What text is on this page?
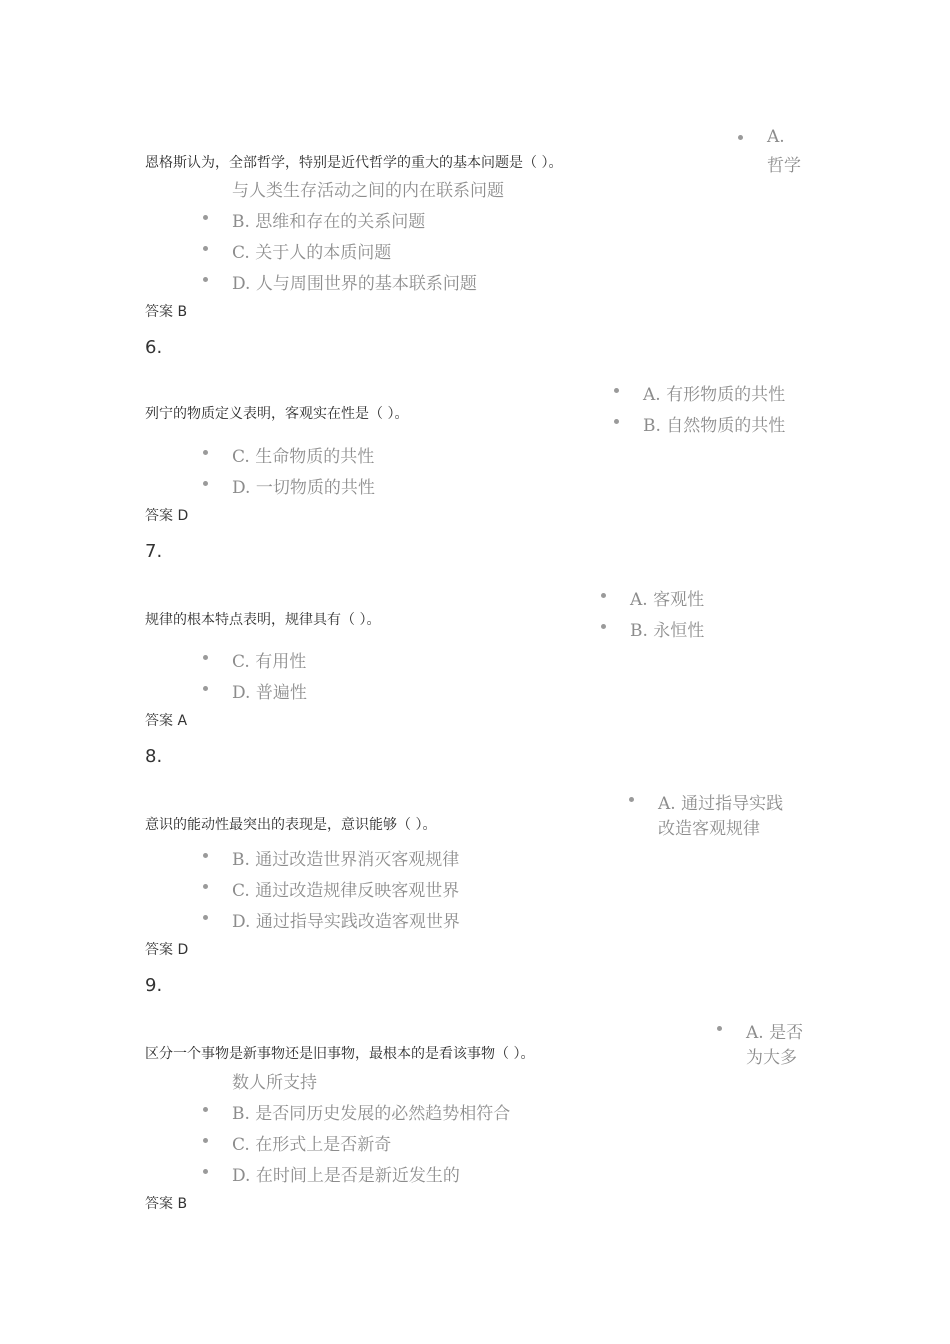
A.
恩格斯认为，全部哲学，特别是近代哲学的重大的基本问题是（ ）。	哲学
与人类生存活动之间的内在联系问题
B. 思维和存在的关系问题
C. 关于人的本质问题
D. 人与周围世界的基本联系问题
答案 B
6.
A. 有形物质的共性
列宁的物质定义表明，客观实在性是（ ）。
B. 自然物质的共性
C. 生命物质的共性
D. 一切物质的共性
答案 D
7.
A. 客观性
规律的根本特点表明，规律具有（ ）。
B. 永恒性
C. 有用性
D. 普遍性
答案 A
8.
A. 通过指导实践
意识的能动性最突出的表现是，意识能够（ ）。	改造客观规律
B. 通过改造世界消灭客观规律
C. 通过改造规律反映客观世界
D. 通过指导实践改造客观世界
答案 D
9.
A. 是否
区分一个事物是新事物还是旧事物，最根本的是看该事物（ ）。	为大多
数人所支持
B. 是否同历史发展的必然趋势相符合
C. 在形式上是否新奇
D. 在时间上是否是新近发生的
答案 B
